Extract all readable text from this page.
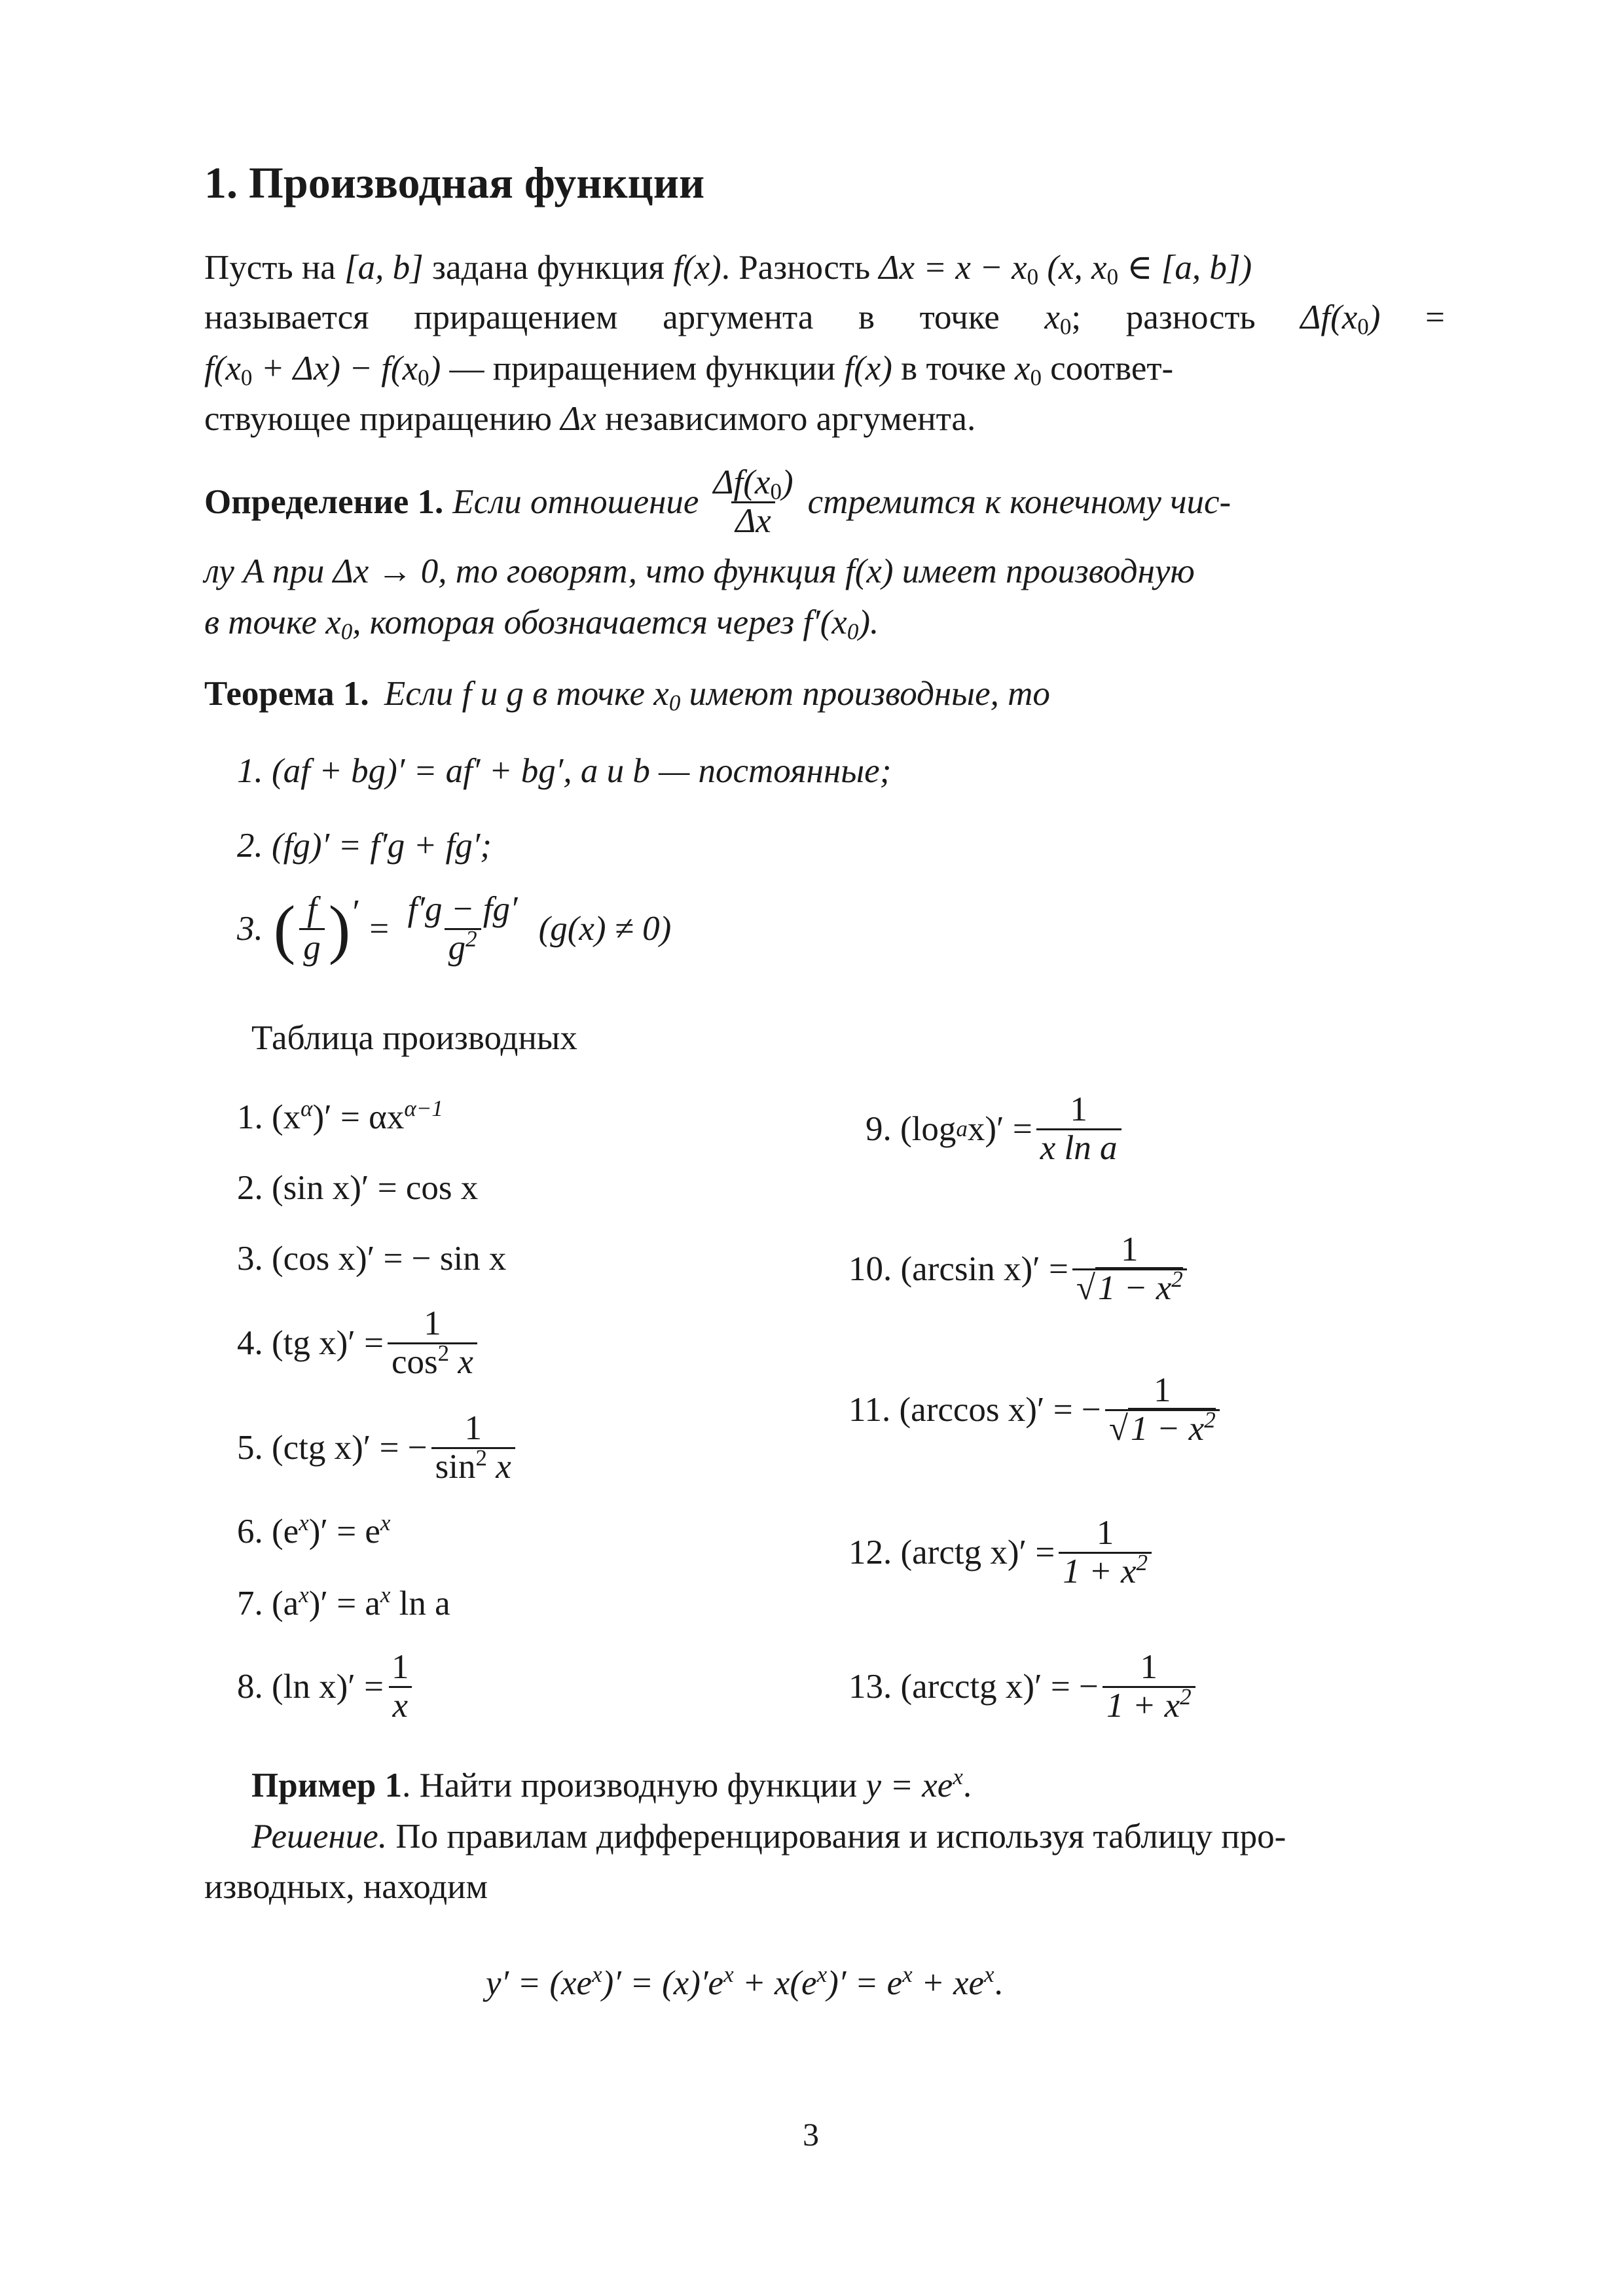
1. Производная функции
Пусть на [a, b] задана функция f(x). Разность $\Delta x = x - x_0$ (x, $x_0$ ∈ [a, b])
называется приращением аргумента в точке $x_0$; разность $\Delta f(x_0)$ =
$f(x_0 + \Delta x) - f(x_0)$ — приращением функции f(x) в точке $x_0$ соответ-
ствующее приращению Δx независимого аргумента.
Определение 1. Если отношение $\frac{\Delta f(x_0)}{\Delta x}$ стремится к конечному чис-
лу A при Δx → 0, то говорят, что функция f(x) имеет производную
в точке $x_0$, которая обозначается через $f'(x_0)$.
Теорема 1. Если f и g в точке $x_0$ имеют производные, то
1. (af + bg)′ = af′ + bg′, a и b — постоянные;
2. (fg)′ = f′g + fg′;
3. ( $\frac{f}{g}$ ) ′ = $\frac{f'g - fg'}{g^2} (g(x) \ne 0)$
Таблица производных
1. $(x^\alpha)' = \alpha x^{\alpha-1}$
2. (sin x)′ = cos x
3. (cos x)′ = − sin x
4. (tg $x)' = \frac{1}{\cos^2 x}$
5. (ctg x)′ = − $\frac{1}{\sin^2 x}$
6. $(e^x)' = e^x$
7. $(a^x)' = a^x$ ln a
8. (ln $x)' = \frac{1}{x}$
9. (log a $x)' = \frac{1}{\text{x ln a}}$
10. (arcsin $x)' = \frac{1}{√1 - x^2}$
11. (arccos x)′ = − $\frac{1}{√1 - x^2}$
12. (arctg $x)' = \frac{1}{1 + x^2}$
13. (arcctg x)′ = − $\frac{1}{1 + x^2}$
Пример 1. Найти производную функции $y = xe^x$.
Решение. По правилам дифференцирования и используя таблицу про-
изводных, находим
$y' = (xe^x)' = (x)'e^x + x(e^x)' = e^x + xe^x$.
3
